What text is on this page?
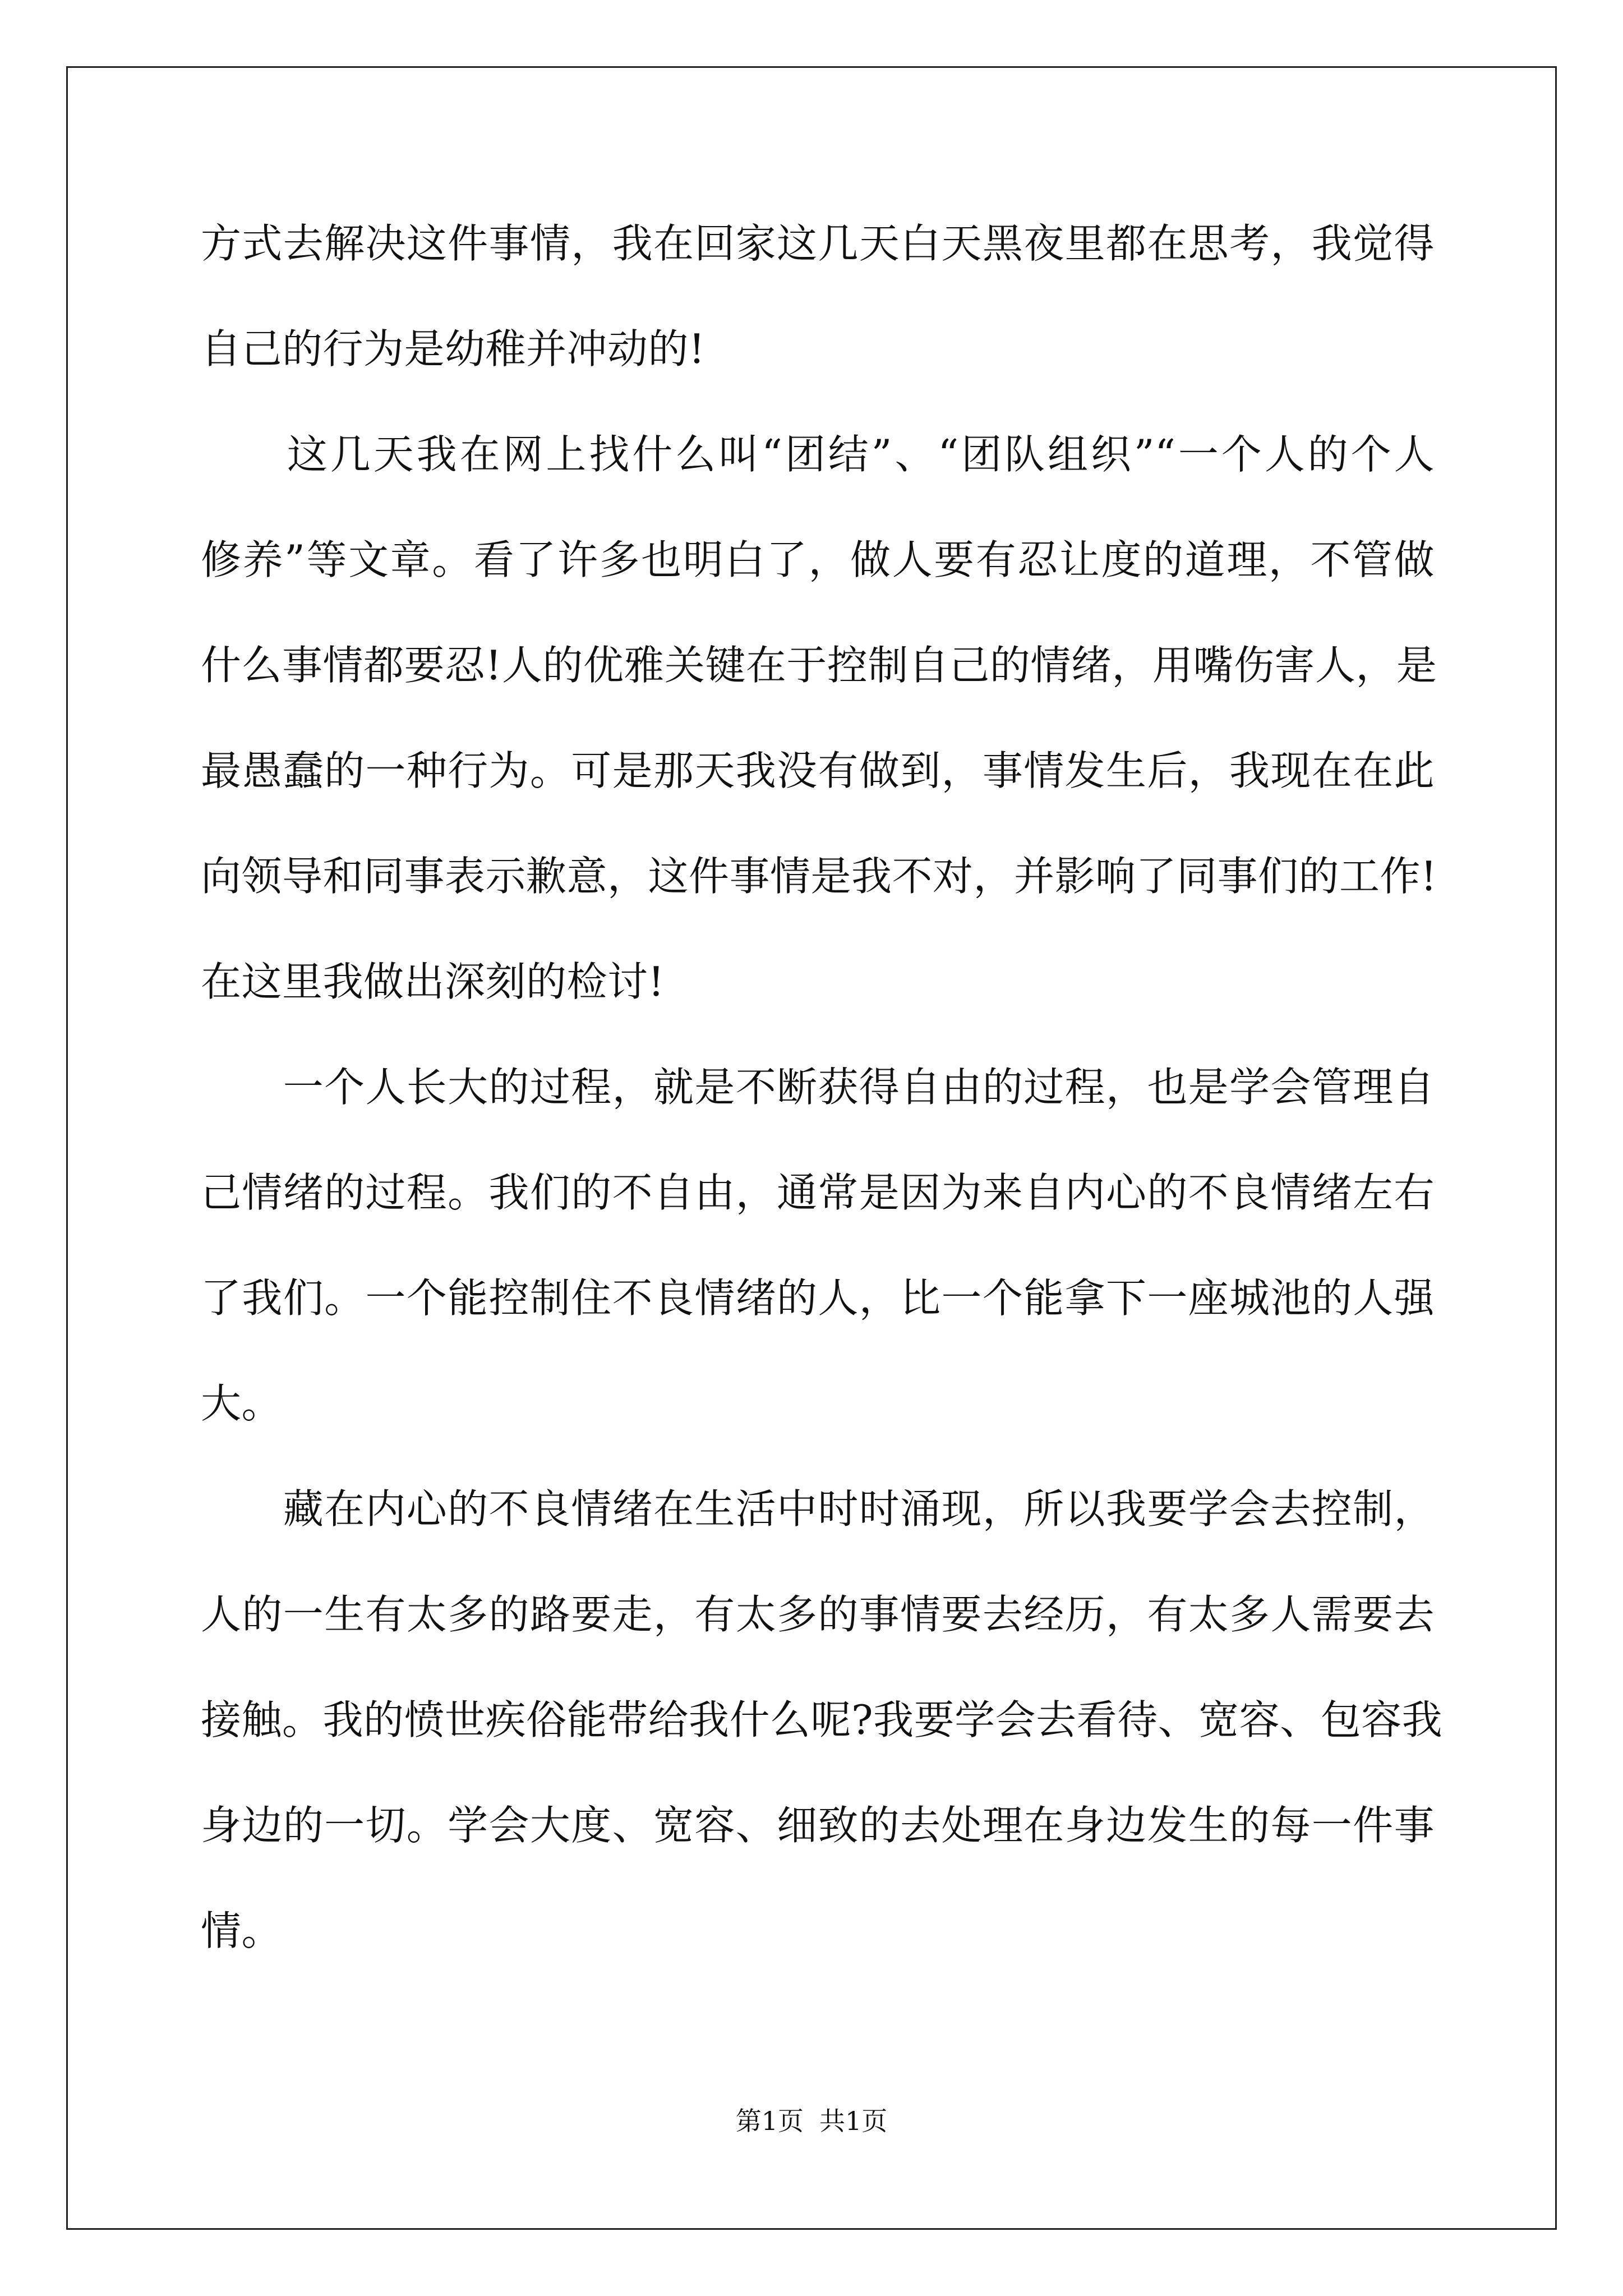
方式去解决这件事情，我在回家这几天白天黑夜里都在思考，我觉得
自己的行为是幼稚并冲动的!
　　这几天我在网上找什么叫“团结”、“团队组织”“一个人的个人
修养”等文章。看了许多也明白了，做人要有忍让度的道理，不管做
什么事情都要忍!人的优雅关键在于控制自己的情绪，用嘴伤害人，是
最愚蠢的一种行为。可是那天我没有做到，事情发生后，我现在在此
向领导和同事表示歉意，这件事情是我不对，并影响了同事们的工作!
在这里我做出深刻的检讨!
　　一个人长大的过程，就是不断获得自由的过程，也是学会管理自
己情绪的过程。我们的不自由，通常是因为来自内心的不良情绪左右
了我们。一个能控制住不良情绪的人，比一个能拿下一座城池的人强
大。
　　藏在内心的不良情绪在生活中时时涌现，所以我要学会去控制，
人的一生有太多的路要走，有太多的事情要去经历，有太多人需要去
接触。我的愤世疾俗能带给我什么呢?我要学会去看待、宽容、包容我
身边的一切。学会大度、宽容、细致的去处理在身边发生的每一件事
情。
第1页 共1页
